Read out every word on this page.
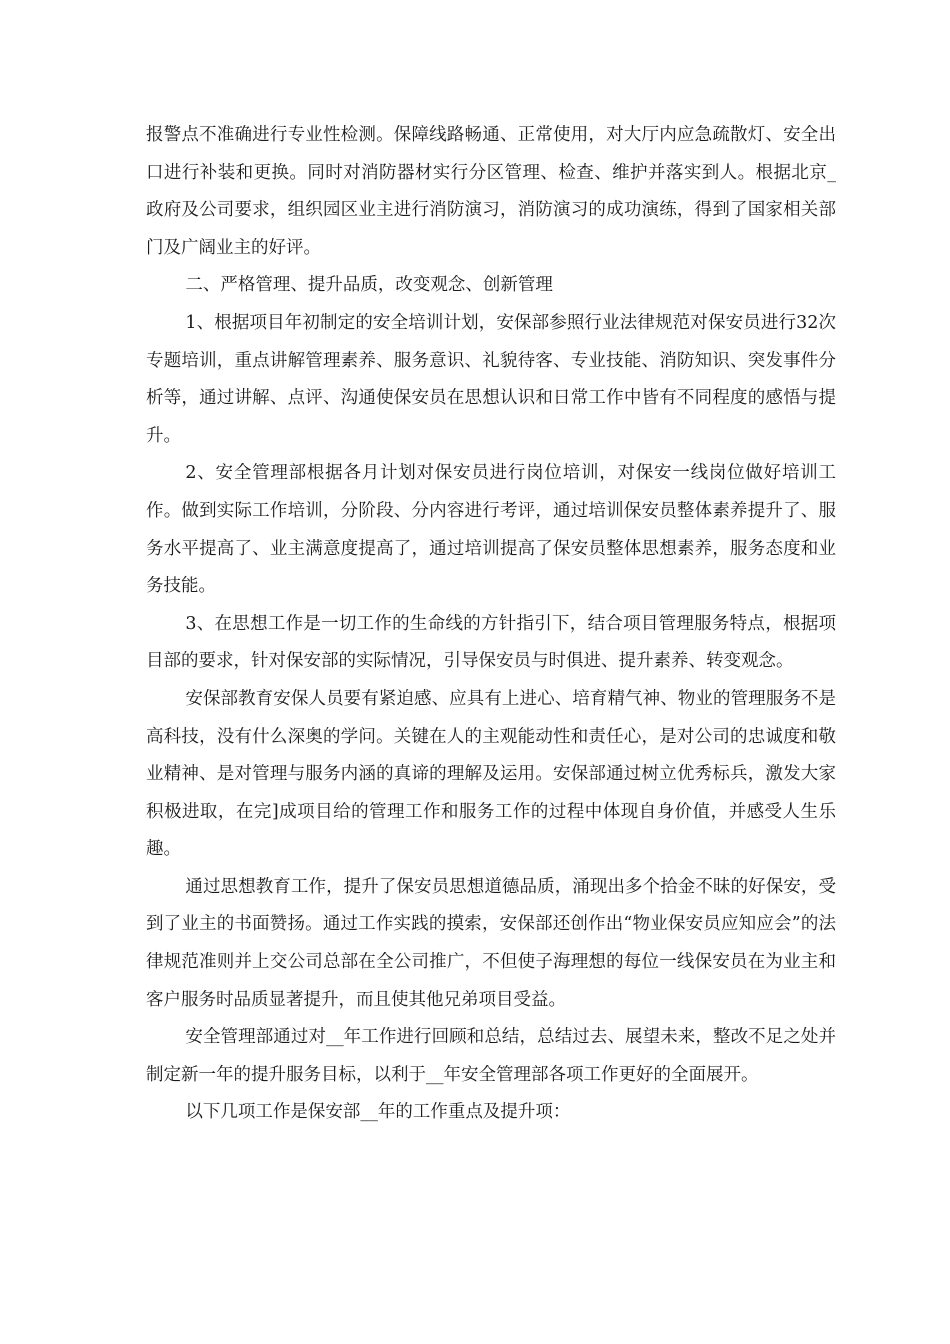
报警点不准确进行专业性检测。保障线路畅通、正常使用，对大厅内应急疏散灯、安全出口进行补装和更换。同时对消防器材实行分区管理、检查、维护并落实到人。根据北京_政府及公司要求，组织园区业主进行消防演习，消防演习的成功演练，得到了国家相关部门及广阔业主的好评。

二、严格管理、提升品质，改变观念、创新管理

1、根据项目年初制定的安全培训计划，安保部参照行业法律规范对保安员进行32次专题培训，重点讲解管理素养、服务意识、礼貌待客、专业技能、消防知识、突发事件分析等，通过讲解、点评、沟通使保安员在思想认识和日常工作中皆有不同程度的感悟与提升。

2、安全管理部根据各月计划对保安员进行岗位培训，对保安一线岗位做好培训工作。做到实际工作培训，分阶段、分内容进行考评，通过培训保安员整体素养提升了、服务水平提高了、业主满意度提高了，通过培训提高了保安员整体思想素养，服务态度和业务技能。

3、在思想工作是一切工作的生命线的方针指引下，结合项目管理服务特点，根据项目部的要求，针对保安部的实际情况，引导保安员与时俱进、提升素养、转变观念。

安保部教育安保人员要有紧迫感、应具有上进心、培育精气神、物业的管理服务不是高科技，没有什么深奥的学问。关键在人的主观能动性和责任心，是对公司的忠诚度和敬业精神、是对管理与服务内涵的真谛的理解及运用。安保部通过树立优秀标兵，激发大家积极进取，在完]成项目给的管理工作和服务工作的过程中体现自身价值，并感受人生乐趣。

通过思想教育工作，提升了保安员思想道德品质，涌现出多个拾金不昧的好保安，受到了业主的书面赞扬。通过工作实践的摸索，安保部还创作出“物业保安员应知应会”的法律规范准则并上交公司总部在全公司推广，不但使子海理想的每位一线保安员在为业主和客户服务时品质显著提升，而且使其他兄弟项目受益。

安全管理部通过对__年工作进行回顾和总结，总结过去、展望未来，整改不足之处并制定新一年的提升服务目标，以利于__年安全管理部各项工作更好的全面展开。

以下几项工作是保安部__年的工作重点及提升项：
